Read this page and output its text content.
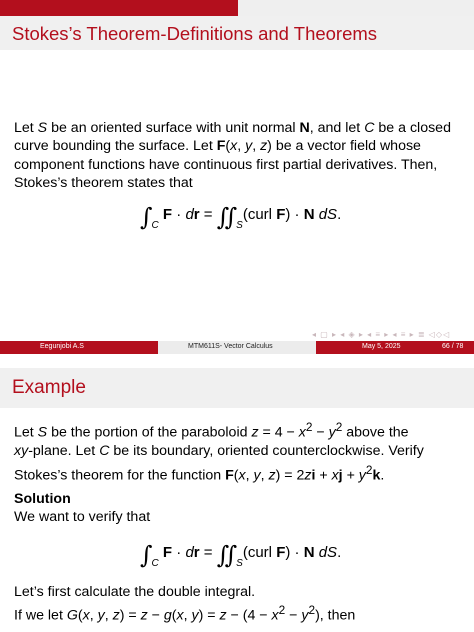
Stokes’s Theorem-Definitions and Theorems
Let S be an oriented surface with unit normal N, and let C be a closed
curve bounding the surface. Let F(x, y, z) be a vector field whose
component functions have continuous first partial derivatives. Then,
Stokes’s theorem states that
$\int_C$ F · dr = $∬_S(curl$ F) · N dS.
◂ ▢ ▸ ◂ ◈ ▸ ◂ ≡ ▸ ◂ ≡ ▸ ≣ ◁◇◁
Eegunjobi A.S	MTM611S- Vector Calculus	May 5, 2025	66 / 78
Example
Let S be the portion of the paraboloid $z = 4 - x^2 - y^2$ above the
xy-plane. Let C be its boundary, oriented counterclockwise. Verify
Stokes’s theorem for the function F(x, y, z) = 2zi + xj + $y^2k$.
Solution
We want to verify that
$\int_C$ F · dr = $∬_S(curl$ F) · N dS.
Let’s first calculate the double integral.
If we let G(x, y, z) = z − g(x, $y) = z - (4 - x^2 - y^2)$, then
